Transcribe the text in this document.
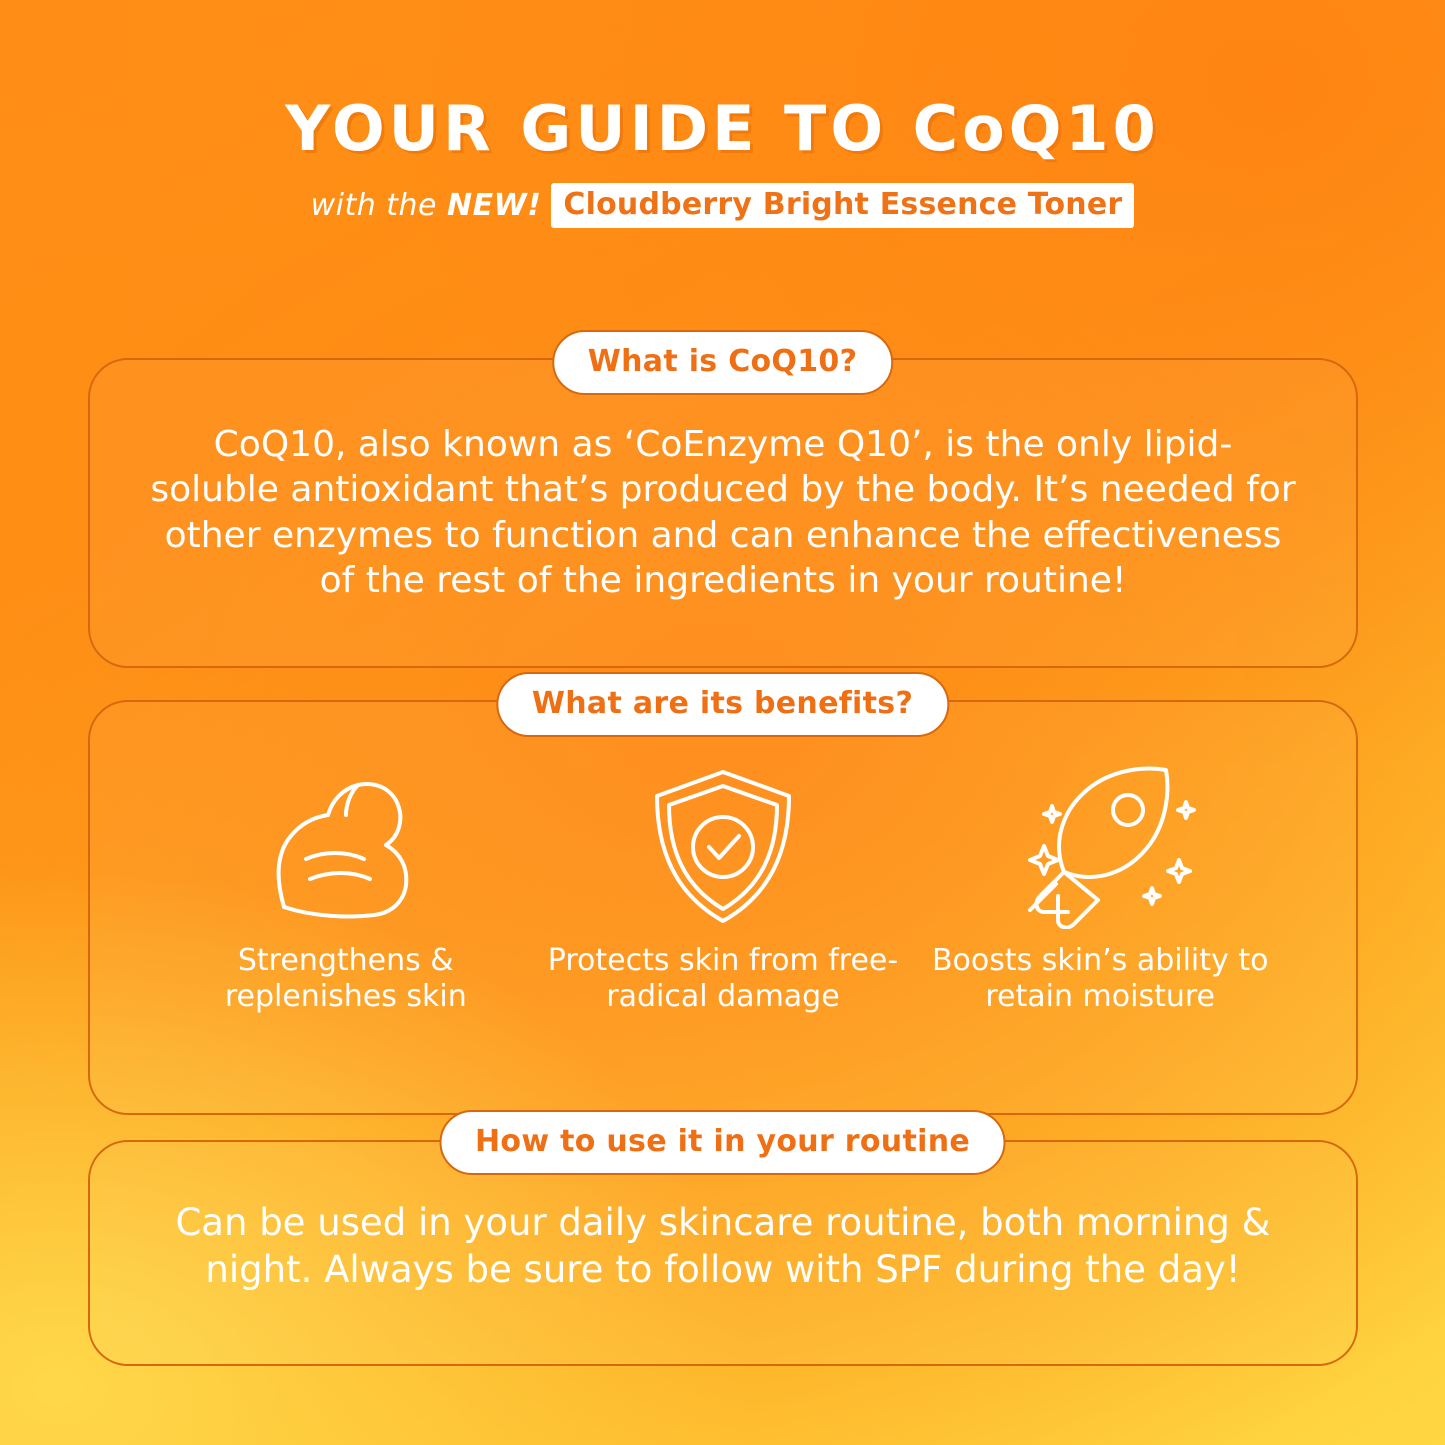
YOUR GUIDE TO CoQ10
with the NEW! Cloudberry Bright Essence Toner
What is CoQ10?
CoQ10, also known as ‘CoEnzyme Q10’, is the only lipid-soluble antioxidant that’s produced by the body. It’s needed for other enzymes to function and can enhance the effectiveness of the rest of the ingredients in your routine!
What are its benefits?
Strengthens & replenishes skin
Protects skin from free-radical damage
Boosts skin’s ability to retain moisture
How to use it in your routine
Can be used in your daily skincare routine, both morning & night. Always be sure to follow with SPF during the day!
